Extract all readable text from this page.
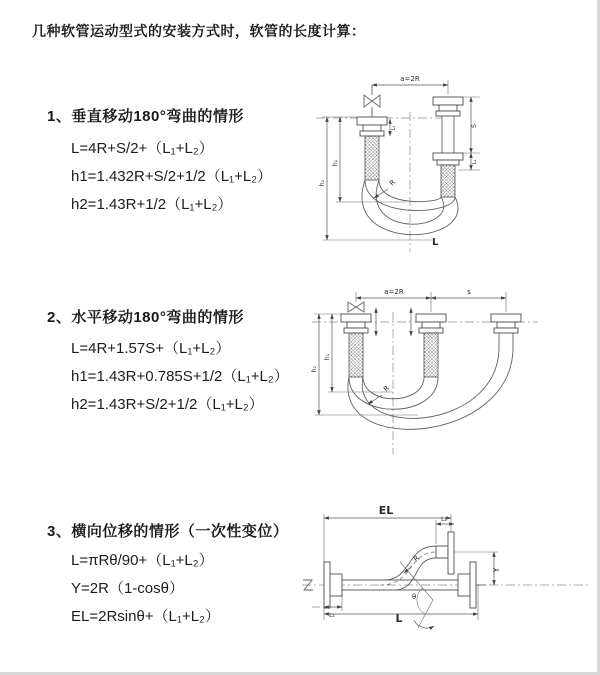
几种软管运动型式的安装方式时，软管的长度计算：
1、垂直移动180°弯曲的情形
L=4R+S/2+（L₁+L₂）
h1=1.432R+S/2+1/2（L₁+L₂）
h2=1.43R+1/2（L₁+L₂）
2、水平移动180°弯曲的情形
L=4R+1.57S+（L₁+L₂）
h1=1.43R+0.785S+1/2（L₁+L₂）
h2=1.43R+S/2+1/2（L₁+L₂）
3、横向位移的情形（一次性变位）
L=πRθ/90+（L₁+L₂）
Y=2R（1-cosθ）
EL=2Rsinθ+（L₁+L₂）
a=2R
h₁
h₂
L₁	S
L₁
R
L
a=2R	s
h₁
h₂
R
EL
L₁
Y
θ
R
L₁	L
